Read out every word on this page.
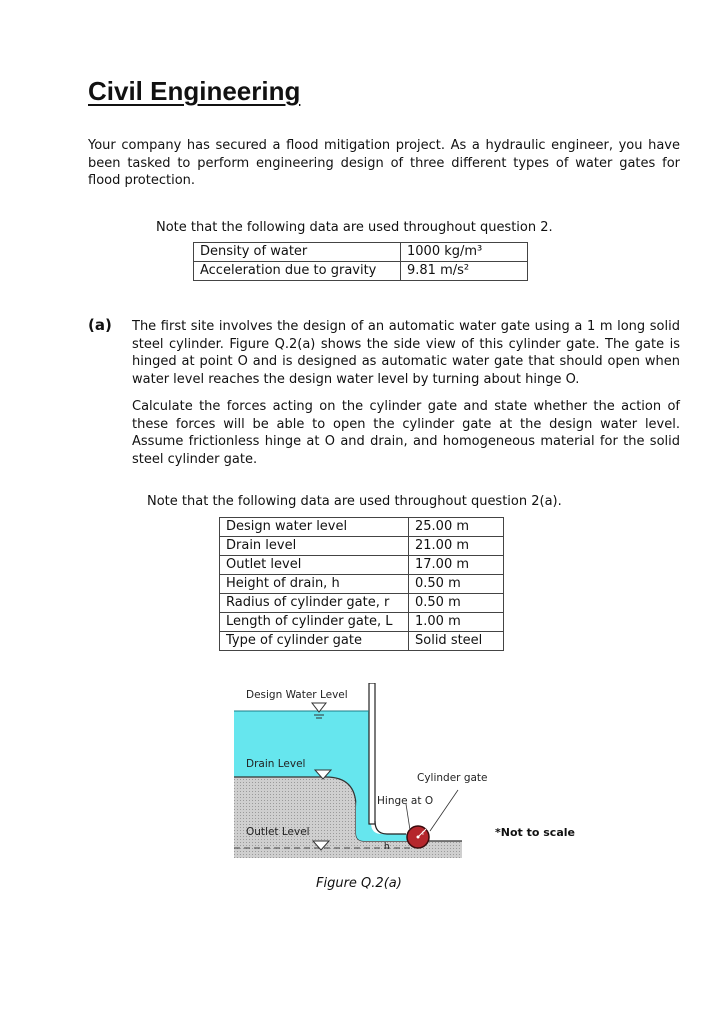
Civil Engineering

Your company has secured a flood mitigation project. As a hydraulic engineer, you have been tasked to perform engineering design of three different types of water gates for flood protection.

Note that the following data are used throughout question 2.

Density of water	1000 kg/m³
Acceleration due to gravity	9.81 m/s²
(a) The first site involves the design of an automatic water gate using a 1 m long solid steel cylinder. Figure Q.2(a) shows the side view of this cylinder gate. The gate is hinged at point O and is designed as automatic water gate that should open when water level reaches the design water level by turning about hinge O.

Calculate the forces acting on the cylinder gate and state whether the action of these forces will be able to open the cylinder gate at the design water level. Assume frictionless hinge at O and drain, and homogeneous material for the solid steel cylinder gate.

Note that the following data are used throughout question 2(a).

Design water level	25.00 m
Drain level	21.00 m
Outlet level	17.00 m
Height of drain, h	0.50 m
Radius of cylinder gate, r	0.50 m
Length of cylinder gate, L	1.00 m
Type of cylinder gate	Solid steel
r
Design Water Level
Drain Level
Outlet Level
Cylinder gate
Hinge at O
h
*Not to scale
Figure Q.2(a)
